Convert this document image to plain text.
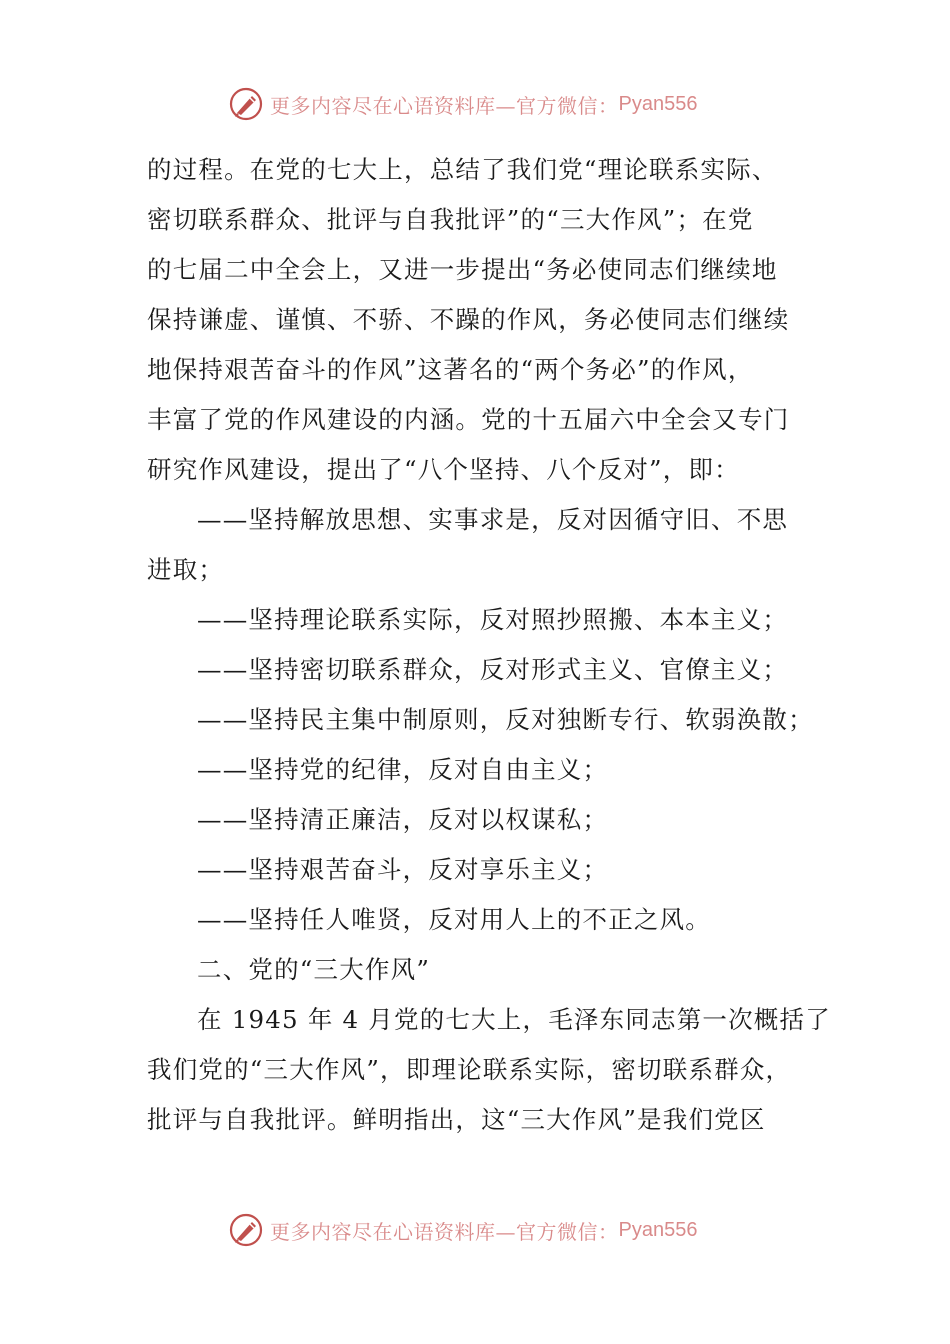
更多内容尽在心语资料库—官方微信： Pyan556
的过程。在党的七大上，总结了我们党“理论联系实际、
密切联系群众、批评与自我批评”的“三大作风”；在党
的七届二中全会上，又进一步提出“务必使同志们继续地
保持谦虚、谨慎、不骄、不躁的作风，务必使同志们继续
地保持艰苦奋斗的作风”这著名的“两个务必”的作风，
丰富了党的作风建设的内涵。党的十五届六中全会又专门
研究作风建设，提出了“八个坚持、八个反对”，即：
——坚持解放思想、实事求是，反对因循守旧、不思
进取；
——坚持理论联系实际，反对照抄照搬、本本主义；
——坚持密切联系群众，反对形式主义、官僚主义；
——坚持民主集中制原则，反对独断专行、软弱涣散；
——坚持党的纪律，反对自由主义；
——坚持清正廉洁，反对以权谋私；
——坚持艰苦奋斗，反对享乐主义；
——坚持任人唯贤，反对用人上的不正之风。
二、党的“三大作风”
在 1945 年 4 月党的七大上，毛泽东同志第一次概括了
我们党的“三大作风”，即理论联系实际，密切联系群众，
批评与自我批评。鲜明指出，这“三大作风”是我们党区
更多内容尽在心语资料库—官方微信： Pyan556
